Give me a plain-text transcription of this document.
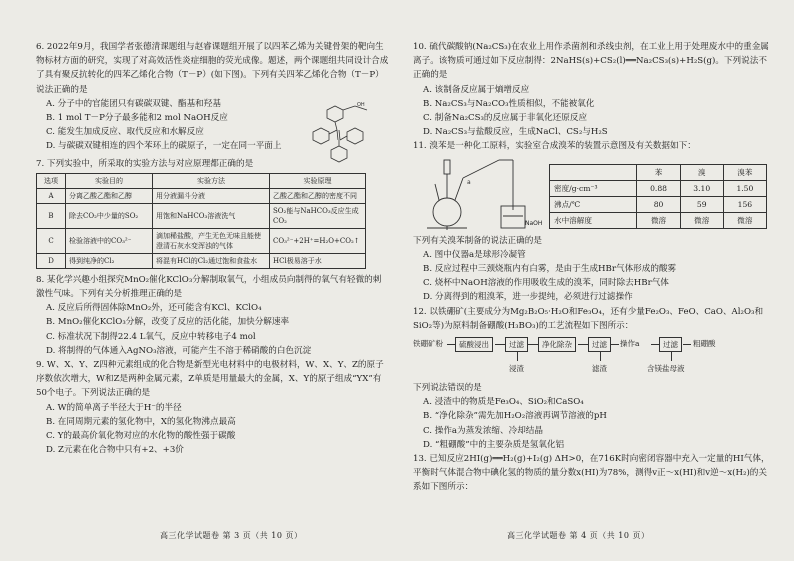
6. 2022年9月，我国学者张德清课题组与赵睿课题组开展了以四苯乙烯为关键骨架的靶向生物标材方面的研究，实现了对高效活性炎症细胞的荧光成像。题述，两个课题组共同设计合成了具有聚反抗转化的四苯乙烯化合物（T－P）(如下图)。下列有关四苯乙烯化合物（T－P）说法正确的是

A. 分子中的官能团只有碳碳双键、酯基和羟基

B. 1 mol T－P分子最多能和2 mol NaOH反应

C. 能发生加成反应、取代反应和水解反应

D. 与碳碳双键相连的四个苯环上的碳原子，一定在同一平面上

OH

7. 下列实验中，所采取的实验方法与对应原理都正确的是

选项	实验目的	实验方法	实验原理
A	分离乙酸乙酯和乙醇	用分液漏斗分液	乙酸乙酯和乙醇的密度不同
B	除去CO₂中少量的SO₂	用饱和NaHCO₃溶液洗气	SO₂能与NaHCO₃反应生成CO₂
C	检验溶液中的CO₃²⁻	滴加稀盐酸，产生无色无味且能使澄清石灰水变浑浊的气体	CO₃²⁻+2H⁺=H₂O+CO₂↑
D	得到纯净的Cl₂	将混有HCl的Cl₂通过饱和食盐水	HCl极易溶于水

8. 某化学兴趣小组探究MnO₂催化KClO₃分解制取氧气，小组成员向制得的氧气有轻微的刺激性气味。下列有关分析推理正确的是

A. 反应后所得固体除MnO₂外，还可能含有KCl、KClO₄

B. MnO₂催化KClO₃分解，改变了反应的活化能，加快分解速率

C. 标准状况下制得22.4 L氧气，反应中转移电子4 mol

D. 将制得的气体通入AgNO₃溶液，可能产生不溶于稀硝酸的白色沉淀

9. W、X、Y、Z四种元素组成的化合物是新型光电材料中的电极材料，W、X、Y、Z的原子序数依次增大，W和Z是两种金属元素，Z单质是用量最大的金属，X、Y的原子组成“YX”有50个电子。下列说法正确的是

A. W的简单离子半径大于H⁻的半径

B. 在同周期元素的氢化物中，X的氢化物沸点最高

C. Y的最高价氧化物对应的水化物的酸性强于碳酸

D. Z元素在化合物中只有+2、+3价

高三化学试题卷 第 3 页（共 10 页）

10. 硫代碳酸钠(Na₂CS₃)在农业上用作杀菌剂和杀线虫剂，在工业上用于处理废水中的重金属离子。该物质可通过如下反应制得：2NaHS(s)+CS₂(l)══Na₂CS₃(s)+H₂S(g)。下列说法不正确的是

A. 该制备反应属于熵增反应

B. Na₂CS₃与Na₂CO₃性质相似，不能被氧化

C. 制备Na₂CS₃的反应属于非氧化还原反应

D. Na₂CS₃与盐酸反应，生成NaCl、CS₂与H₂S

11. 溴苯是一种化工原料，实验室合成溴苯的装置示意图及有关数据如下：

a
NaOH
	苯	溴	溴苯
密度/g·cm⁻³	0.88	3.10	1.50
沸点/℃	80	59	156
水中溶解度	微溶	微溶	微溶

下列有关溴苯制备的说法正确的是

A. 图中仪器a是球形冷凝管

B. 反应过程中三颈烧瓶内有白雾，是由于生成HBr气体形成的酸雾

C. 烧杯中NaOH溶液的作用吸收生成的溴苯，同时除去HBr气体

D. 分离得到的粗溴苯，进一步提纯，必须进行过滤操作

12. 以铁硼矿(主要成分为Mg₂B₂O₅·H₂O和Fe₃O₄，还有少量Fe₂O₃、FeO、CaO、Al₂O₃和SiO₂等)为原料制备硼酸(H₃BO₃)的工艺流程如下图所示：

铁硼矿粉	硫酸浸出	过滤
浸渣
净化除杂	过滤
滤渣
操作a	过滤
含镁盐母液
粗硼酸

下列说法错误的是

A. 浸渣中的物质是Fe₃O₄、SiO₂和CaSO₄

B. “净化除杂”需先加H₂O₂溶液再调节溶液的pH

C. 操作a为蒸发浓缩、冷却结晶

D. “粗硼酸”中的主要杂质是氢氧化铝

13. 已知反应2HI(g)══H₂(g)+I₂(g) ΔH>0，在716K时向密闭容器中充入一定量的HI气体，平衡时气体混合物中碘化氢的物质的量分数x(HI)为78%，测得v正～x(HI)和v逆～x(H₂)的关系如下图所示：

高三化学试题卷 第 4 页（共 10 页）
